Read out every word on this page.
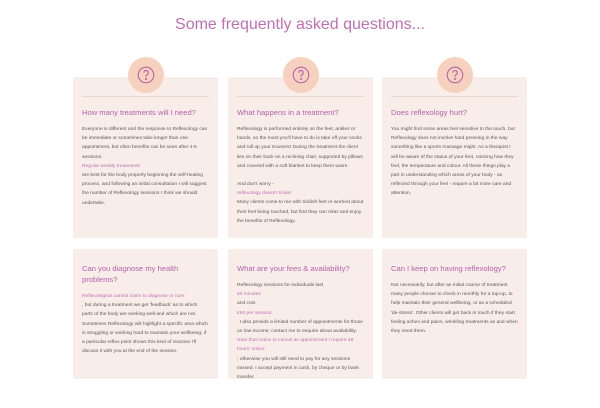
Some frequently asked questions...
How many treatments will I need?

Everyone is different and the response to Reflexology can be immediate or sometimes take longer than one appointment, but often benefits can be seen after 4-5 sessions.

Regular weekly treatments

are best for the body properly beginning the self-healing process, and following an initial consultation I will suggest the number of Reflexology sessions I think we should undertake.

What happens in a treatment?

Reflexology is performed entirely on the feet, ankles or hands, so the most you'll have to do is take off your socks and roll up your trousers! During the treatment the client lies on their back on a reclining chair, supported by pillows and covered with a soft blanket to keep them warm.

And don't worry -

reflexology doesn't tickle!

Many clients come to me with ticklish feet or worried about their feet being touched, but find they can relax and enjoy the benefits of Reflexology.

Does reflexology hurt?

You might find some areas feel sensitive to the touch, but Reflexology does not involve hard pressing in the way something like a sports massage might. As a therapist I will be aware of the status of your feet, noticing how they feel, the temperature and colour. All these things play a part in understanding which areas of your body - as reflected through your feet - require a bit more care and attention.

Can you diagnose my health problems?
Reflexologists cannot claim to diagnose or cure

, but during a treatment we get 'feedback' as to which parts of the body are working well and which are not. Sometimes Reflexology will highlight a specific area which is struggling or working hard to maintain your wellbeing; if a particular reflex point shows this kind of reaction I'll discuss it with you at the end of the session.

What are your fees & availability?

Reflexology sessions for individuals last

50 minutes

and cost

£60 per session

. I also provide a limited number of appointments for those on low-income; contact me to enquire about availability.

Note that notice to cancel an appointment I require 48 hours' notice

; otherwise you will still need to pay for any sessions missed. I accept payment in cash, by cheque or by bank transfer.

Can I keep on having reflexology?

Not necessarily, but after an initial course of treatment many people choose to check in monthly for a top-up, to help maintain their general wellbeing, or as a scheduled 'de-stress'. Other clients will get back in touch if they start feeling aches and pains, wrinkling treatments as and when they need them.
